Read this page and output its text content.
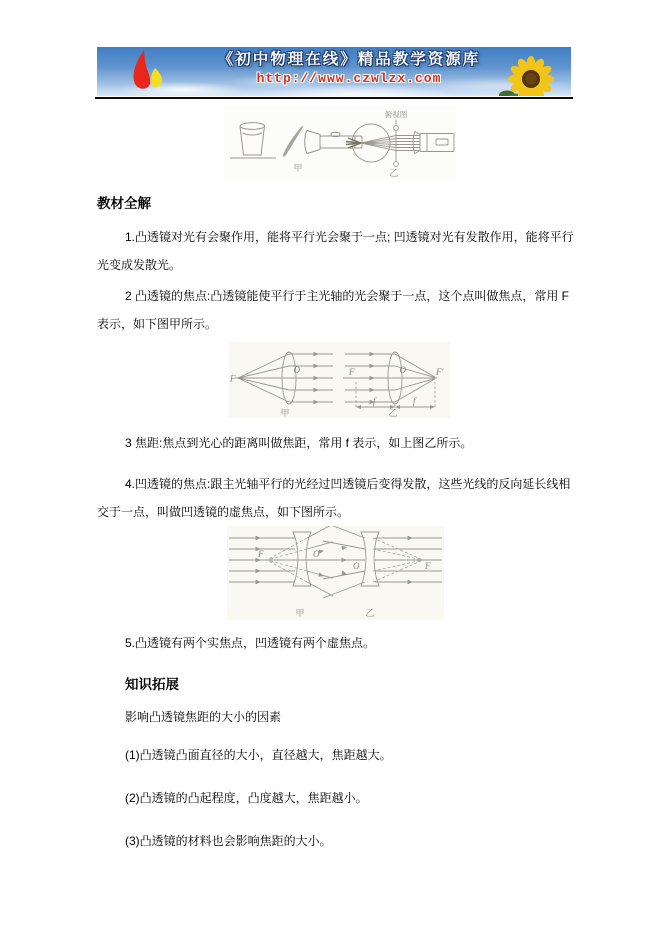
《初中物理在线》精品教学资源库
http://www.czwlzx.com
俯视图
甲	乙
教材全解

1.凸透镜对光有会聚作用，能将平行光会聚于一点; 凹透镜对光有发散作用，能将平行光变成发散光。

2 凸透镜的焦点:凸透镜能使平行于主光轴的光会聚于一点，这个点叫做焦点，常用 F 表示，如下图甲所示。

F
O	F	O	F′
f	f
甲	乙

3 焦距:焦点到光心的距离叫做焦距，常用 f 表示，如上图乙所示。

4.凹透镜的焦点:跟主光轴平行的光经过凹透镜后变得发散，这些光线的反向延长线相交于一点，叫做凹透镜的虚焦点，如下图所示。

F	O
O	F
甲	乙

5.凸透镜有两个实焦点，凹透镜有两个虚焦点。

知识拓展

影响凸透镜焦距的大小的因素

(1)凸透镜凸面直径的大小，直径越大，焦距越大。

(2)凸透镜的凸起程度，凸度越大，焦距越小。

(3)凸透镜的材料也会影响焦距的大小。
